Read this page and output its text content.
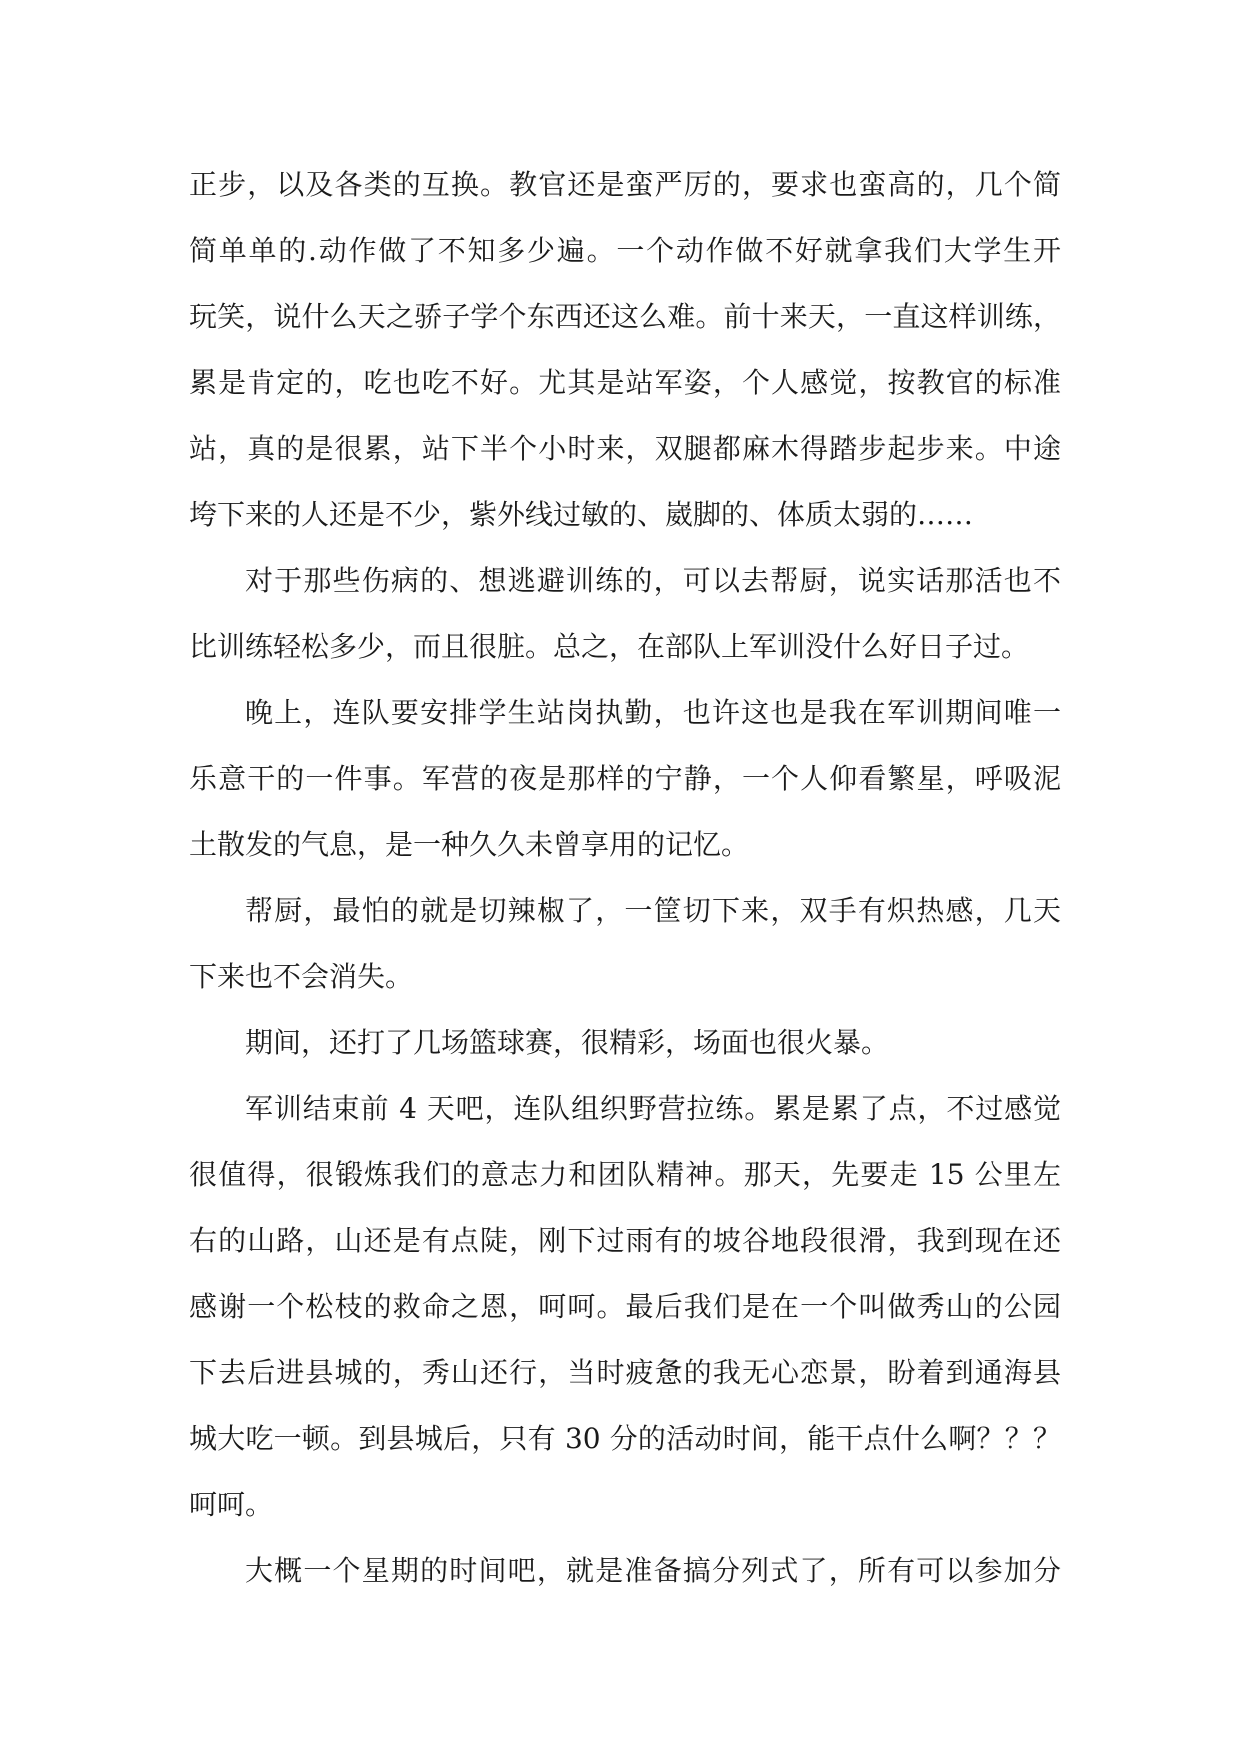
正步，以及各类的互换。教官还是蛮严厉的，要求也蛮高的，几个简
简单单的.动作做了不知多少遍。一个动作做不好就拿我们大学生开
玩笑，说什么天之骄子学个东西还这么难。前十来天，一直这样训练，
累是肯定的，吃也吃不好。尤其是站军姿，个人感觉，按教官的标准
站，真的是很累，站下半个小时来，双腿都麻木得踏步起步来。中途
垮下来的人还是不少，紫外线过敏的、崴脚的、体质太弱的……
对于那些伤病的、想逃避训练的，可以去帮厨，说实话那活也不
比训练轻松多少，而且很脏。总之，在部队上军训没什么好日子过。
晚上，连队要安排学生站岗执勤，也许这也是我在军训期间唯一
乐意干的一件事。军营的夜是那样的宁静，一个人仰看繁星，呼吸泥
土散发的气息，是一种久久未曾享用的记忆。
帮厨，最怕的就是切辣椒了，一筐切下来，双手有炽热感，几天
下来也不会消失。
期间，还打了几场篮球赛，很精彩，场面也很火暴。
军训结束前 4 天吧，连队组织野营拉练。累是累了点，不过感觉
很值得，很锻炼我们的意志力和团队精神。那天，先要走 15 公里左
右的山路，山还是有点陡，刚下过雨有的坡谷地段很滑，我到现在还
感谢一个松枝的救命之恩，呵呵。最后我们是在一个叫做秀山的公园
下去后进县城的，秀山还行，当时疲惫的我无心恋景，盼着到通海县
城大吃一顿。到县城后，只有 30 分的活动时间，能干点什么啊？？？
呵呵。
大概一个星期的时间吧，就是准备搞分列式了，所有可以参加分
